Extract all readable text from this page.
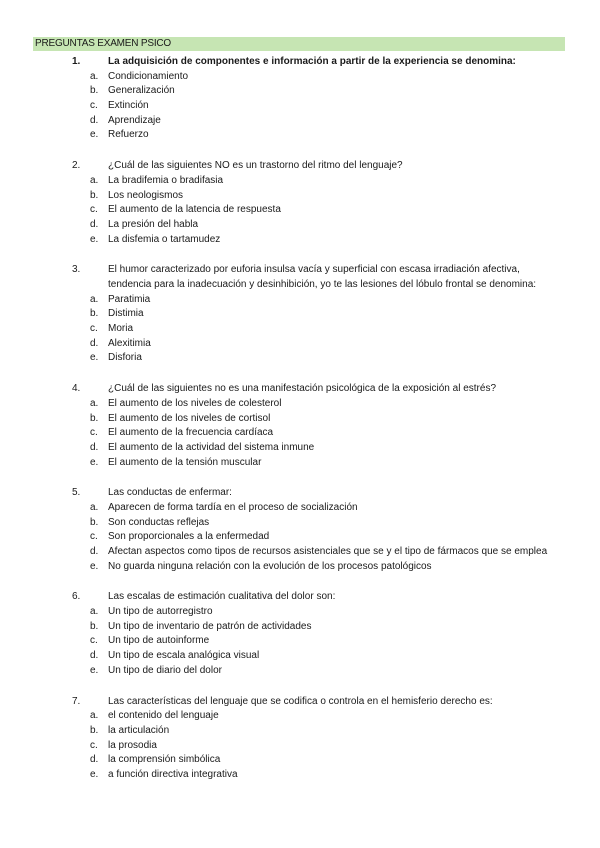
PREGUNTAS EXAMEN PSICO
1.	La adquisición de componentes e información a partir de la experiencia se denomina:
a. Condicionamiento
b. Generalización
c. Extinción
d. Aprendizaje
e. Refuerzo
2.	¿Cuál de las siguientes NO es un trastorno del ritmo del lenguaje?
a. La bradifemia o bradifasia
b. Los neologismos
c. El aumento de la latencia de respuesta
d. La presión del habla
e. La disfemia o tartamudez
3.	El humor caracterizado por euforia insulsa vacía y superficial con escasa irradiación afectiva, tendencia para la inadecuación y desinhibición, yo te las lesiones del lóbulo frontal se denomina:
a. Paratimia
b. Distimia
c. Moria
d. Alexitimia
e. Disforia
4.	¿Cuál de las siguientes no es una manifestación psicológica de la exposición al estrés?
a. El aumento de los niveles de colesterol
b. El aumento de los niveles de cortisol
c. El aumento de la frecuencia cardíaca
d. El aumento de la actividad del sistema inmune
e. El aumento de la tensión muscular
5.	Las conductas de enfermar:
a. Aparecen de forma tardía en el proceso de socialización
b. Son conductas reflejas
c. Son proporcionales a la enfermedad
d. Afectan aspectos como tipos de recursos asistenciales que se y el tipo de fármacos que se emplea
e. No guarda ninguna relación con la evolución de los procesos patológicos
6.	Las escalas de estimación cualitativa del dolor son:
a. Un tipo de autorregistro
b. Un tipo de inventario de patrón de actividades
c. Un tipo de autoinforme
d. Un tipo de escala analógica visual
e. Un tipo de diario del dolor
7.	Las características del lenguaje que se codifica o controla en el hemisferio derecho es:
a. el contenido del lenguaje
b. la articulación
c. la prosodia
d. la comprensión simbólica
e. a función directiva integrativa
